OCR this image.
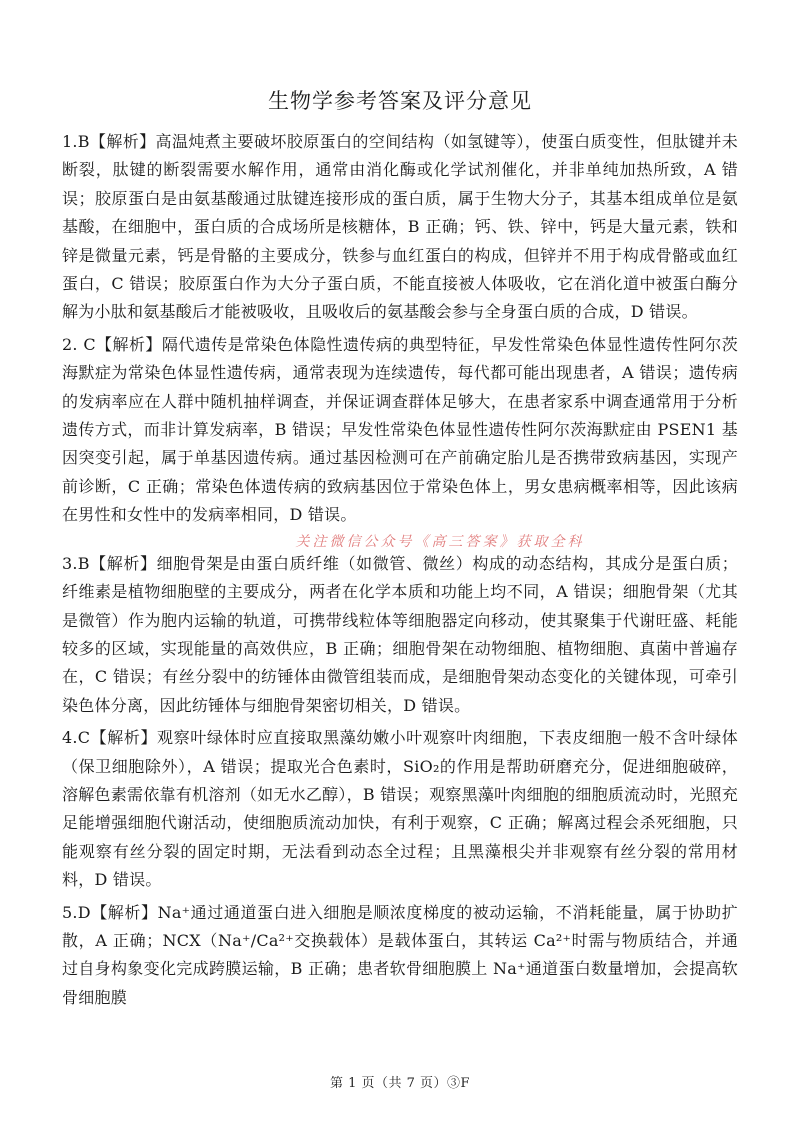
生物学参考答案及评分意见

1.B【解析】高温炖煮主要破坏胶原蛋白的空间结构（如氢键等），使蛋白质变性，但肽键并未断裂，肽键的断裂需要水解作用，通常由消化酶或化学试剂催化，并非单纯加热所致，A 错误；胶原蛋白是由氨基酸通过肽键连接形成的蛋白质，属于生物大分子，其基本组成单位是氨基酸，在细胞中，蛋白质的合成场所是核糖体，B 正确；钙、铁、锌中，钙是大量元素，铁和锌是微量元素，钙是骨骼的主要成分，铁参与血红蛋白的构成，但锌并不用于构成骨骼或血红蛋白，C 错误；胶原蛋白作为大分子蛋白质，不能直接被人体吸收，它在消化道中被蛋白酶分解为小肽和氨基酸后才能被吸收，且吸收后的氨基酸会参与全身蛋白质的合成，D 错误。

2. C【解析】隔代遗传是常染色体隐性遗传病的典型特征，早发性常染色体显性遗传性阿尔茨海默症为常染色体显性遗传病，通常表现为连续遗传，每代都可能出现患者，A 错误；遗传病的发病率应在人群中随机抽样调查，并保证调查群体足够大，在患者家系中调查通常用于分析遗传方式，而非计算发病率，B 错误；早发性常染色体显性遗传性阿尔茨海默症由 PSEN1 基因突变引起，属于单基因遗传病。通过基因检测可在产前确定胎儿是否携带致病基因，实现产前诊断，C 正确；常染色体遗传病的致病基因位于常染色体上，男女患病概率相等，因此该病在男性和女性中的发病率相同，D 错误。

关注微信公众号《高三答案》获取全科

3.B【解析】细胞骨架是由蛋白质纤维（如微管、微丝）构成的动态结构，其成分是蛋白质；纤维素是植物细胞壁的主要成分，两者在化学本质和功能上均不同，A 错误；细胞骨架（尤其是微管）作为胞内运输的轨道，可携带线粒体等细胞器定向移动，使其聚集于代谢旺盛、耗能较多的区域，实现能量的高效供应，B 正确；细胞骨架在动物细胞、植物细胞、真菌中普遍存在，C 错误；有丝分裂中的纺锤体由微管组装而成，是细胞骨架动态变化的关键体现，可牵引染色体分离，因此纺锤体与细胞骨架密切相关，D 错误。

4.C【解析】观察叶绿体时应直接取黑藻幼嫩小叶观察叶肉细胞，下表皮细胞一般不含叶绿体（保卫细胞除外），A 错误；提取光合色素时，SiO₂的作用是帮助研磨充分，促进细胞破碎，溶解色素需依靠有机溶剂（如无水乙醇），B 错误；观察黑藻叶肉细胞的细胞质流动时，光照充足能增强细胞代谢活动，使细胞质流动加快，有利于观察，C 正确；解离过程会杀死细胞，只能观察有丝分裂的固定时期，无法看到动态全过程；且黑藻根尖并非观察有丝分裂的常用材料，D 错误。

5.D【解析】Na⁺通过通道蛋白进入细胞是顺浓度梯度的被动运输，不消耗能量，属于协助扩散，A 正确；NCX（Na⁺/Ca²⁺交换载体）是载体蛋白，其转运 Ca²⁺时需与物质结合，并通过自身构象变化完成跨膜运输，B 正确；患者软骨细胞膜上 Na⁺通道蛋白数量增加，会提高软骨细胞膜

第 1 页（共 7 页）③F
